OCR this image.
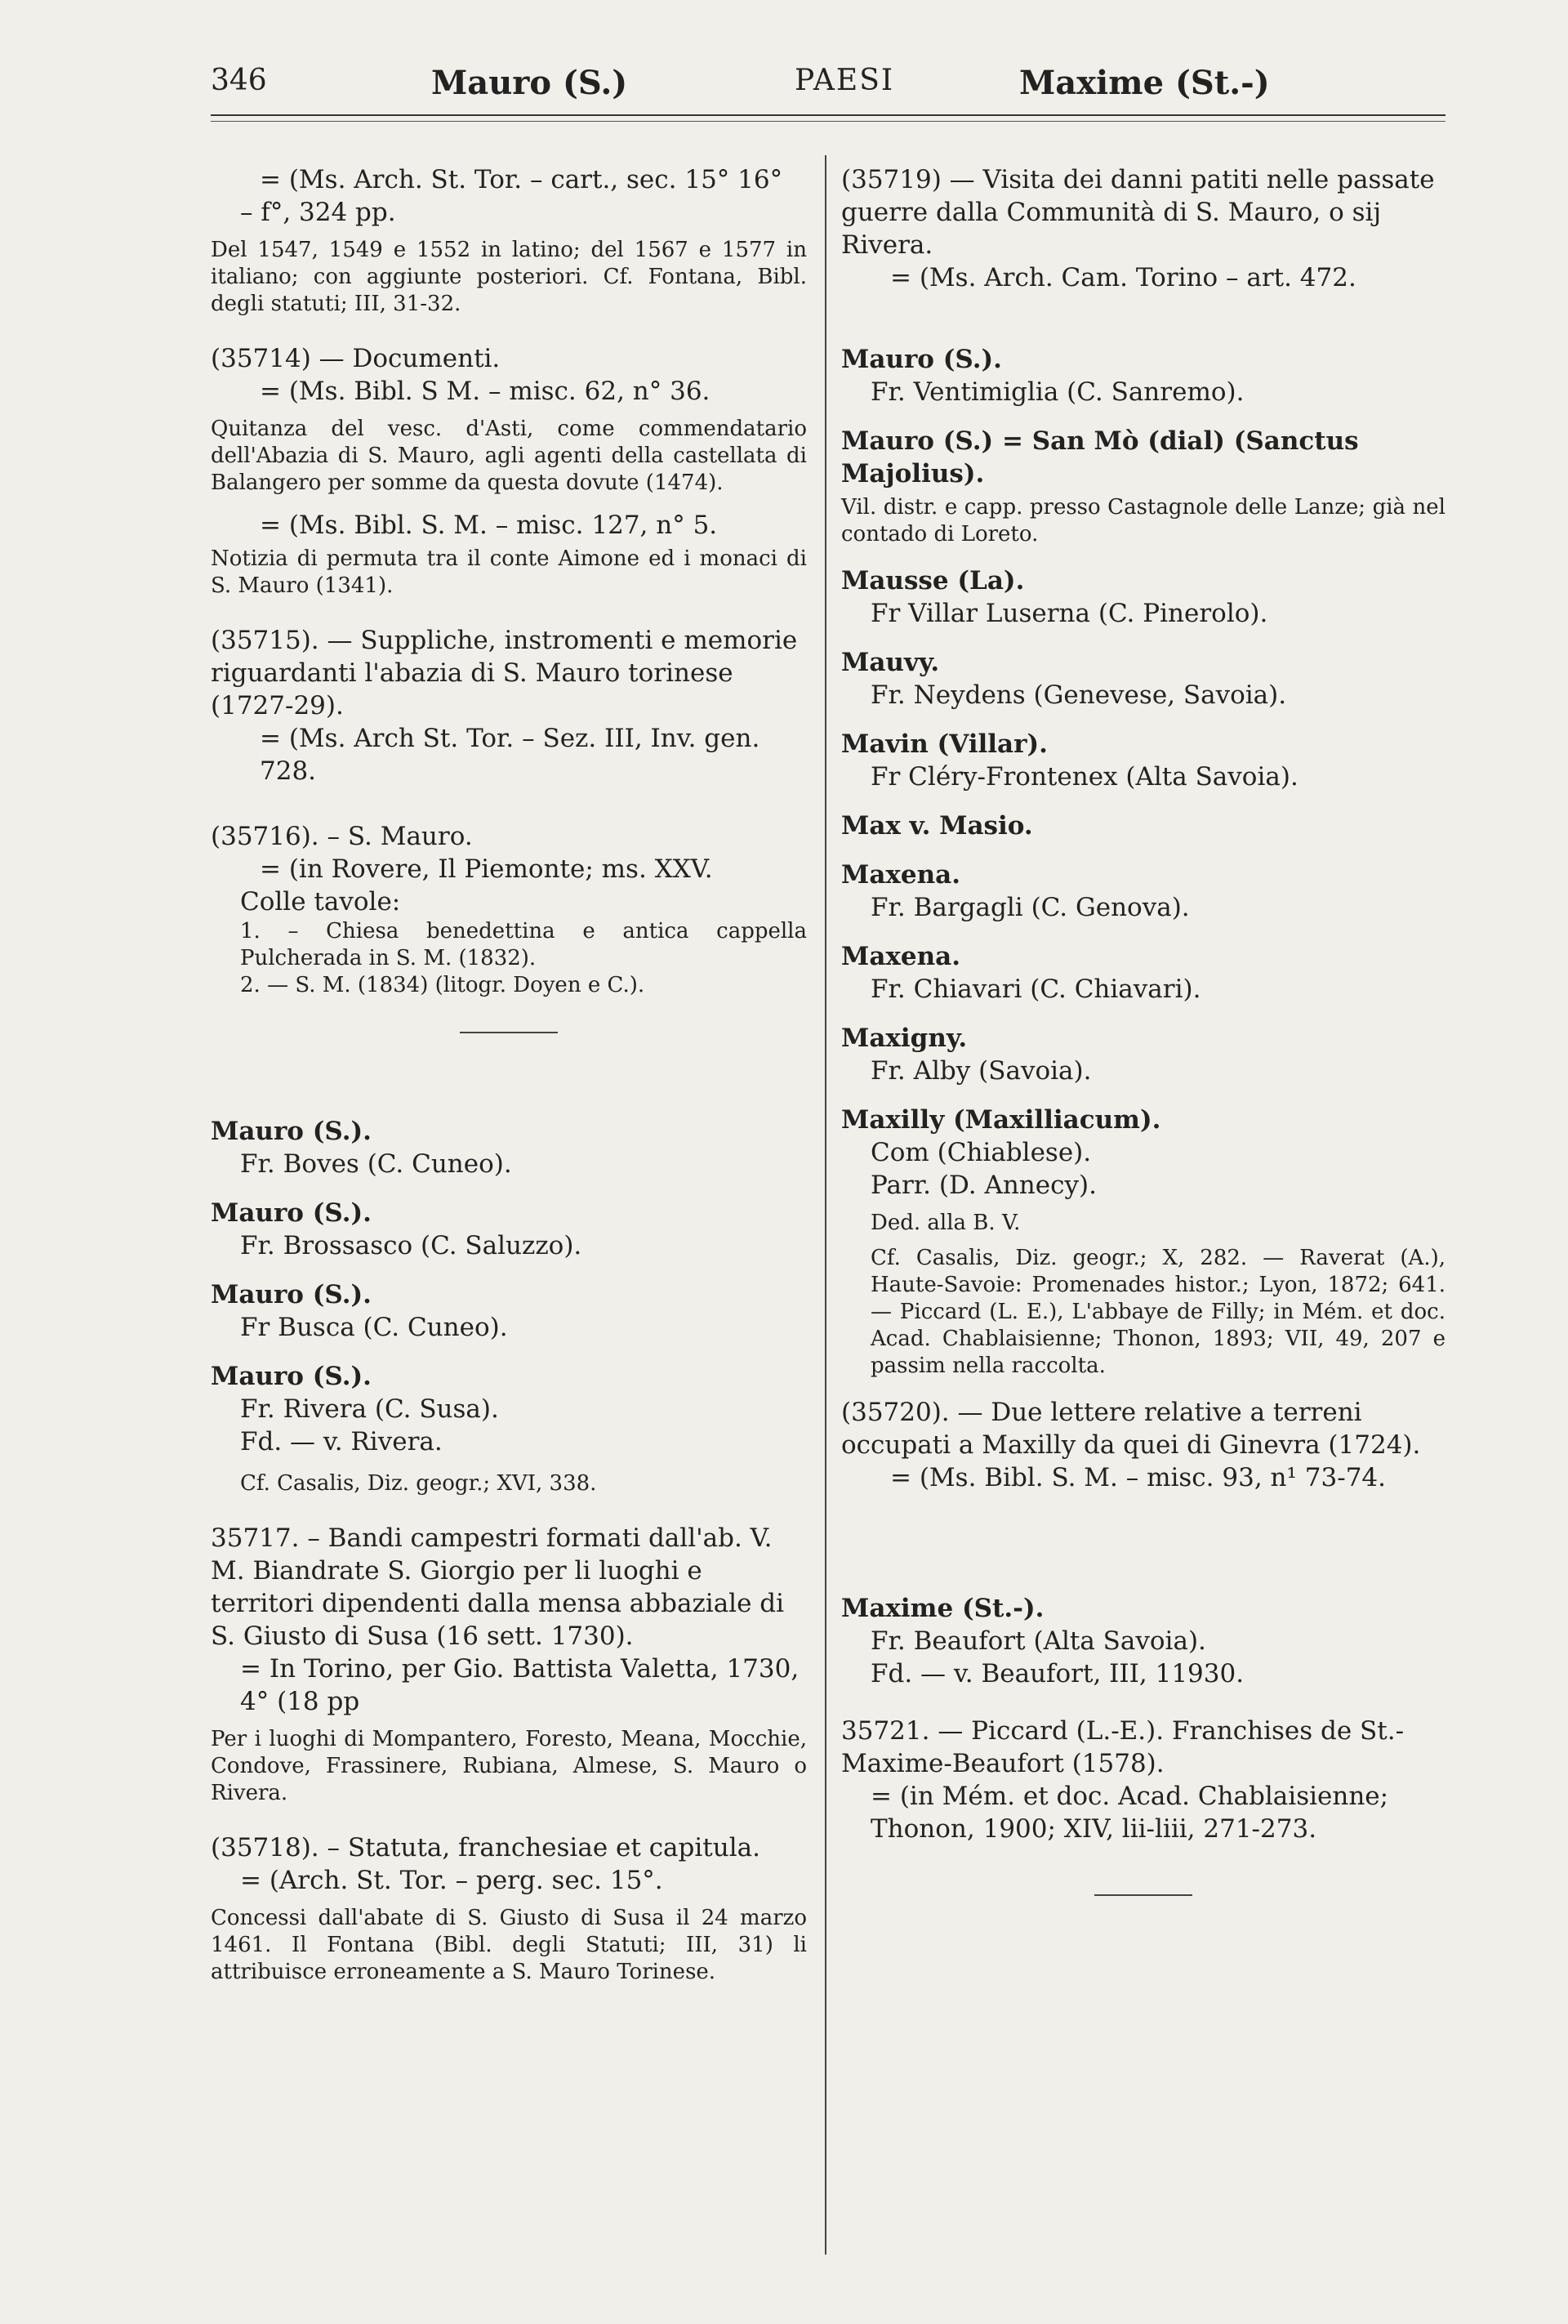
346	Mauro (S.)	PAESI	Maxime (St.-)

= (Ms. Arch. St. Tor. – cart., sec. 15° 16°

– f°, 324 pp.

Del 1547, 1549 e 1552 in latino; del 1567 e 1577 in italiano; con aggiunte posteriori. Cf. Fontana, Bibl. degli statuti; III, 31-32.

(35714) — Documenti.

= (Ms. Bibl. S M. – misc. 62, n° 36.

Quitanza del vesc. d'Asti, come commendatario dell'Abazia di S. Mauro, agli agenti della castellata di Balangero per somme da questa dovute (1474).

= (Ms. Bibl. S. M. – misc. 127, n° 5.

Notizia di permuta tra il conte Aimone ed i monaci di S. Mauro (1341).

(35715). — Suppliche, instromenti e memorie riguardanti l'abazia di S. Mauro torinese (1727-29).

= (Ms. Arch St. Tor. – Sez. III, Inv. gen. 728.

(35716). – S. Mauro.

= (in Rovere, Il Piemonte; ms. XXV.

Colle tavole:

1. – Chiesa benedettina e antica cappella Pulcherada in S. M. (1832).

2. — S. M. (1834) (litogr. Doyen e C.).

Mauro (S.).

Fr. Boves (C. Cuneo).

Mauro (S.).

Fr. Brossasco (C. Saluzzo).

Mauro (S.).

Fr Busca (C. Cuneo).

Mauro (S.).

Fr. Rivera (C. Susa).

Fd. — v. Rivera.

Cf. Casalis, Diz. geogr.; XVI, 338.

35717. – Bandi campestri formati dall'ab. V. M. Biandrate S. Giorgio per li luoghi e territori dipendenti dalla mensa abbaziale di S. Giusto di Susa (16 sett. 1730).

= In Torino, per Gio. Battista Valetta, 1730, 4° (18 pp

Per i luoghi di Mompantero, Foresto, Meana, Mocchie, Condove, Frassinere, Rubiana, Almese, S. Mauro o Rivera.

(35718). – Statuta, franchesiae et capitula.

= (Arch. St. Tor. – perg. sec. 15°.

Concessi dall'abate di S. Giusto di Susa il 24 marzo 1461. Il Fontana (Bibl. degli Statuti; III, 31) li attribuisce erroneamente a S. Mauro Torinese.

(35719) — Visita dei danni patiti nelle passate guerre dalla Communità di S. Mauro, o sij Rivera.

= (Ms. Arch. Cam. Torino – art. 472.

Mauro (S.).

Fr. Ventimiglia (C. Sanremo).

Mauro (S.) = San Mò (dial) (Sanctus Majolius).

Vil. distr. e capp. presso Castagnole delle Lanze; già nel contado di Loreto.

Mausse (La).

Fr Villar Luserna (C. Pinerolo).

Mauvy.

Fr. Neydens (Genevese, Savoia).

Mavin (Villar).

Fr Cléry-Frontenex (Alta Savoia).

Max v. Masio.

Maxena.

Fr. Bargagli (C. Genova).

Maxena.

Fr. Chiavari (C. Chiavari).

Maxigny.

Fr. Alby (Savoia).

Maxilly (Maxilliacum).

Com (Chiablese).

Parr. (D. Annecy).

Ded. alla B. V.

Cf. Casalis, Diz. geogr.; X, 282. — Raverat (A.), Haute-Savoie: Promenades histor.; Lyon, 1872; 641. — Piccard (L. E.), L'abbaye de Filly; in Mém. et doc. Acad. Chablaisienne; Thonon, 1893; VII, 49, 207 e passim nella raccolta.

(35720). — Due lettere relative a terreni occupati a Maxilly da quei di Ginevra (1724).

= (Ms. Bibl. S. M. – misc. 93, n¹ 73-74.

Maxime (St.-).

Fr. Beaufort (Alta Savoia).

Fd. — v. Beaufort, III, 11930.

35721. — Piccard (L.-E.). Franchises de St.-Maxime-Beaufort (1578).

= (in Mém. et doc. Acad. Chablaisienne; Thonon, 1900; XIV, lii-liii, 271-273.
